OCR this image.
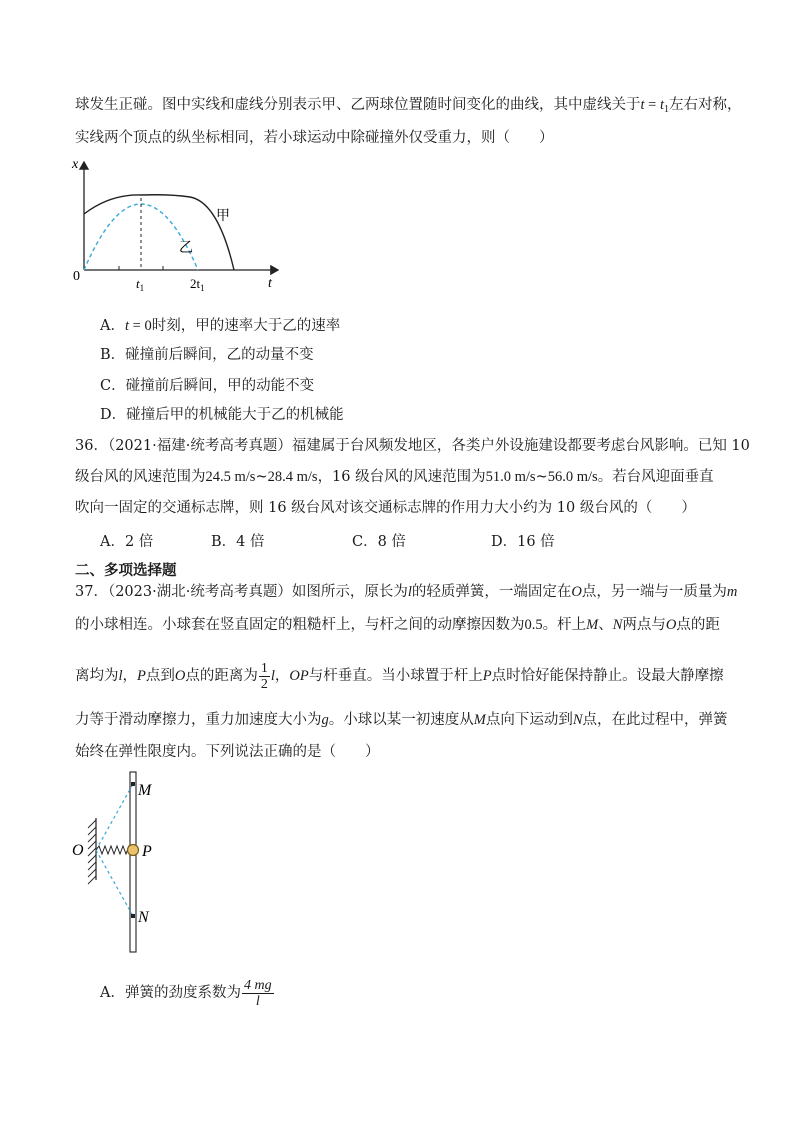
球发生正碰。图中实线和虚线分别表示甲、乙两球位置随时间变化的曲线，其中虚线关于$t = t_1$左右对称，
实线两个顶点的纵坐标相同，若小球运动中除碰撞外仅受重力，则（　　）
x
t
0
甲
乙
$t_1$	$2t_1$
A．t = 0时刻，甲的速率大于乙的速率
B．碰撞前后瞬间，乙的动量不变
C．碰撞前后瞬间，甲的动能不变
D．碰撞后甲的机械能大于乙的机械能
36．（2021·福建·统考高考真题）福建属于台风频发地区，各类户外设施建设都要考虑台风影响。已知 10
级台风的风速范围为24.5 m/s~28.4 m/s，16 级台风的风速范围为51.0 m/s~56.0 m/s。若台风迎面垂直
吹向一固定的交通标志牌，则 16 级台风对该交通标志牌的作用力大小约为 10 级台风的（　　）
A．2 倍	B．4 倍	C．8 倍	D．16 倍
二、多项选择题
37．（2023·湖北·统考高考真题）如图所示，原长为l的轻质弹簧，一端固定在O点，另一端与一质量为m
的小球相连。小球套在竖直固定的粗糙杆上，与杆之间的动摩擦因数为0.5。杆上M、N两点与O点的距
离均为l，P点到O点的距离为 $\frac{1}{2}$ l，OP与杆垂直。当小球置于杆上P点时恰好能保持静止。设最大静摩擦
力等于滑动摩擦力，重力加速度大小为g。小球以某一初速度从M点向下运动到N点，在此过程中，弹簧
始终在弹性限度内。下列说法正确的是（　　）
M
O	P
N
A．弹簧的劲度系数为 $\frac{4 mg}{l}$
